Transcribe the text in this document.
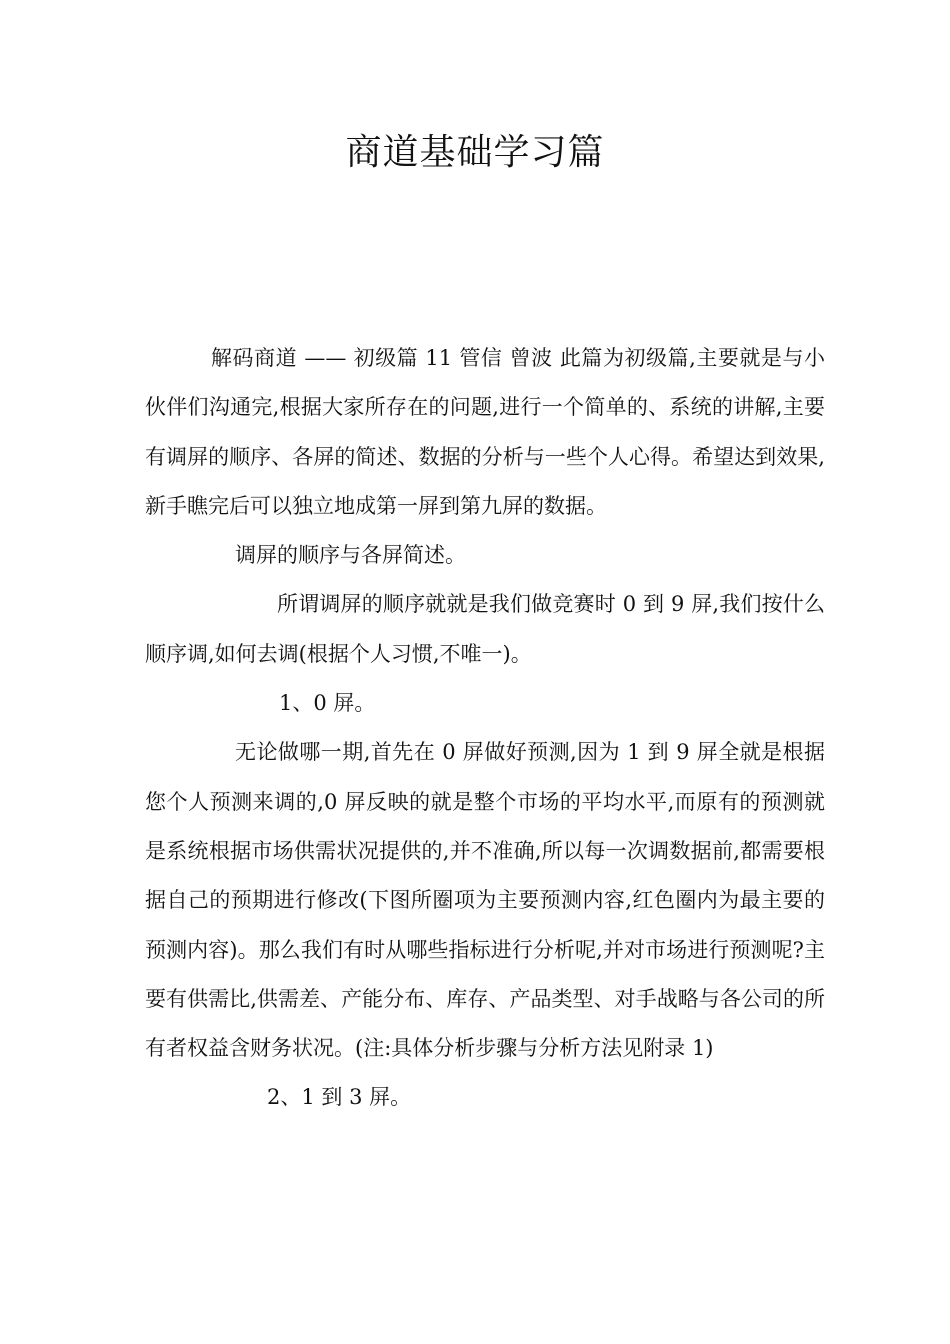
商道基础学习篇

解码商道 —— 初级篇 11 管信 曾波 此篇为初级篇,主要就是与小伙伴们沟通完,根据大家所存在的问题,进行一个简单的、系统的讲解,主要有调屏的顺序、各屏的简述、数据的分析与一些个人心得。希望达到效果,新手瞧完后可以独立地成第一屏到第九屏的数据。

调屏的顺序与各屏简述。

所谓调屏的顺序就就是我们做竞赛时 0 到 9 屏,我们按什么顺序调,如何去调(根据个人习惯,不唯一)。

1、0 屏。

无论做哪一期,首先在 0 屏做好预测,因为 1 到 9 屏全就是根据您个人预测来调的,0 屏反映的就是整个市场的平均水平,而原有的预测就是系统根据市场供需状况提供的,并不准确,所以每一次调数据前,都需要根据自己的预期进行修改(下图所圈项为主要预测内容,红色圈内为最主要的预测内容)。那么我们有时从哪些指标进行分析呢,并对市场进行预测呢?主要有供需比,供需差、产能分布、库存、产品类型、对手战略与各公司的所有者权益含财务状况。(注:具体分析步骤与分析方法见附录 1)

2、1 到 3 屏。
